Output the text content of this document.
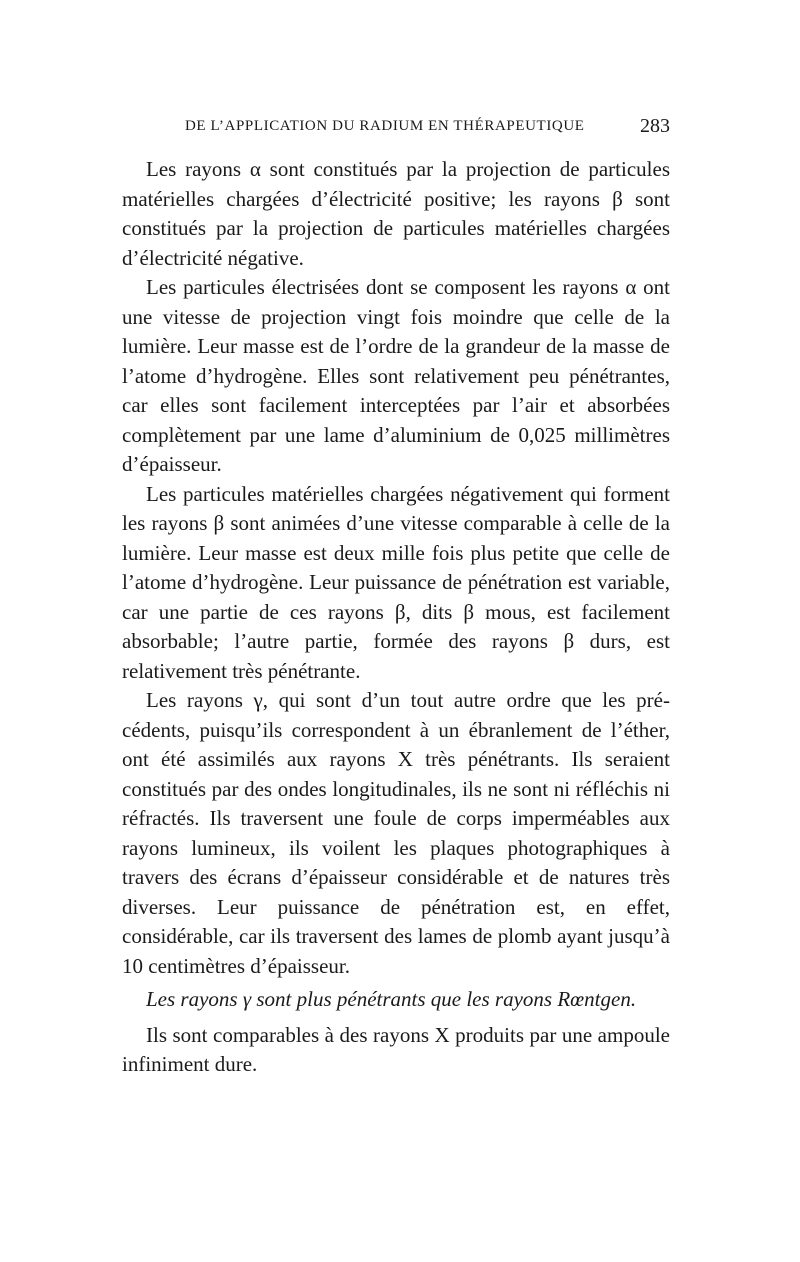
DE L’APPLICATION DU RADIUM EN THÉRAPEUTIQUE	283

Les rayons α sont constitués par la projection de particules matérielles chargées d’électricité positive; les rayons β sont constitués par la projection de particules matérielles chargées d’électricité négative.

Les particules électrisées dont se composent les rayons α ont une vitesse de projection vingt fois moindre que celle de la lumière. Leur masse est de l’ordre de la grandeur de la masse de l’atome d’hydrogène. Elles sont relativement peu pénétrantes, car elles sont facilement interceptées par l’air et absorbées complètement par une lame d’aluminium de 0,025 millimètres d’épaisseur.

Les particules matérielles chargées négativement qui forment les rayons β sont animées d’une vitesse comparable à celle de la lumière. Leur masse est deux mille fois plus petite que celle de l’atome d’hydrogène. Leur puissance de pénétration est variable, car une partie de ces rayons β, dits β mous, est facilement absorbable; l’autre partie, formée des rayons β durs, est relativement très pénétrante.

Les rayons γ, qui sont d’un tout autre ordre que les précédents, puisqu’ils correspondent à un ébranlement de l’éther, ont été assimilés aux rayons X très pénétrants. Ils seraient constitués par des ondes longitudinales, ils ne sont ni réfléchis ni réfractés. Ils traversent une foule de corps imperméables aux rayons lumineux, ils voilent les plaques photographiques à travers des écrans d’épaisseur considérable et de natures très diverses. Leur puissance de pénétration est, en effet, considérable, car ils traversent des lames de plomb ayant jusqu’à 10 centimètres d’épaisseur.

Les rayons γ sont plus pénétrants que les rayons Rœntgen.

Ils sont comparables à des rayons X produits par une ampoule infiniment dure.
